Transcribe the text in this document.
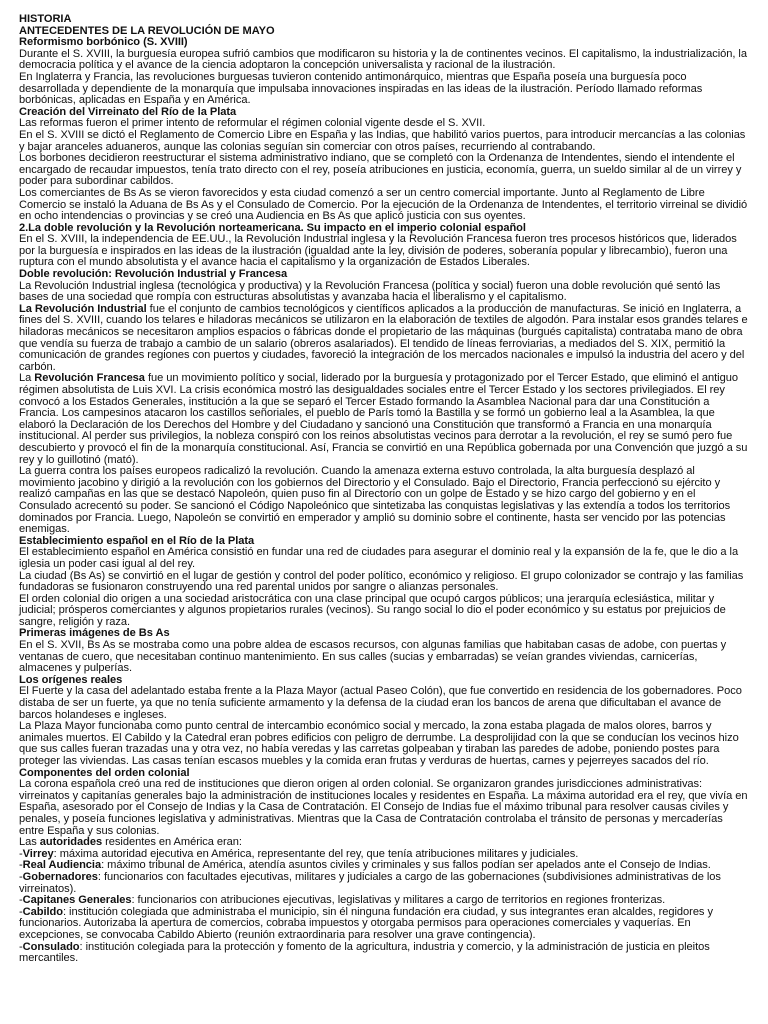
HISTORIA
ANTECEDENTES DE LA REVOLUCIÓN DE MAYO
Reformismo borbónico (S. XVIII)

Durante el S. XVIII, la burguesía europea sufrió cambios que modificaron su historia y la de continentes vecinos. El capitalismo, la industrialización, la democracia política y el avance de la ciencia adoptaron la concepción universalista y racional de la ilustración.

En Inglaterra y Francia, las revoluciones burguesas tuvieron contenido antimonárquico, mientras que España poseía una burguesía poco desarrollada y dependiente de la monarquía que impulsaba innovaciones inspiradas en las ideas de la ilustración. Período llamado reformas borbónicas, aplicadas en España y en América.

Creación del Virreinato del Río de la Plata

Las reformas fueron el primer intento de reformular el régimen colonial vigente desde el S. XVII.

En el S. XVIII se dictó el Reglamento de Comercio Libre en España y las Indias, que habilitó varios puertos, para introducir mercancías a las colonias y bajar aranceles aduaneros, aunque las colonias seguían sin comerciar con otros países, recurriendo al contrabando.

Los borbones decidieron reestructurar el sistema administrativo indiano, que se completó con la Ordenanza de Intendentes, siendo el intendente el encargado de recaudar impuestos, tenía trato directo con el rey, poseía atribuciones en justicia, economía, guerra, un sueldo similar al de un virrey y poder para subordinar cabildos.

Los comerciantes de Bs As se vieron favorecidos y esta ciudad comenzó a ser un centro comercial importante. Junto al Reglamento de Libre Comercio se instaló la Aduana de Bs As y el Consulado de Comercio. Por la ejecución de la Ordenanza de Intendentes, el territorio virreinal se dividió en ocho intendencias o provincias y se creó una Audiencia en Bs As que aplicó justicia con sus oyentes.

2.La doble revolución y la Revolución norteamericana. Su impacto en el imperio colonial español

En el S. XVIII, la independencia de EE.UU., la Revolución Industrial inglesa y la Revolución Francesa fueron tres procesos históricos que, liderados por la burguesía e inspirados en las ideas de la ilustración (igualdad ante la ley, división de poderes, soberanía popular y librecambio), fueron una ruptura con el mundo absolutista y el avance hacia el capitalismo y la organización de Estados Liberales.

Doble revolución: Revolución Industrial y Francesa

La Revolución Industrial inglesa (tecnológica y productiva) y la Revolución Francesa (política y social) fueron una doble revolución qué sentó las bases de una sociedad que rompía con estructuras absolutistas y avanzaba hacia el liberalismo y el capitalismo.

La Revolución Industrial fue el conjunto de cambios tecnológicos y científicos aplicados a la producción de manufacturas. Se inició en Inglaterra, a fines del S. XVIII, cuando los telares e hiladoras mecánicos se utilizaron en la elaboración de textiles de algodón. Para instalar esos grandes telares e hiladoras mecánicos se necesitaron amplios espacios o fábricas donde el propietario de las máquinas (burgués capitalista) contrataba mano de obra que vendía su fuerza de trabajo a cambio de un salario (obreros asalariados). El tendido de líneas ferroviarias, a mediados del S. XIX, permitió la comunicación de grandes regiones con puertos y ciudades, favoreció la integración de los mercados nacionales e impulsó la industria del acero y del carbón.

La Revolución Francesa fue un movimiento político y social, liderado por la burguesía y protagonizado por el Tercer Estado, que eliminó el antiguo régimen absolutista de Luis XVI. La crisis económica mostró las desigualdades sociales entre el Tercer Estado y los sectores privilegiados. El rey convocó a los Estados Generales, institución a la que se separó el Tercer Estado formando la Asamblea Nacional para dar una Constitución a Francia. Los campesinos atacaron los castillos señoriales, el pueblo de París tomó la Bastilla y se formó un gobierno leal a la Asamblea, la que elaboró la Declaración de los Derechos del Hombre y del Ciudadano y sancionó una Constitución que transformó a Francia en una monarquía institucional. Al perder sus privilegios, la nobleza conspiró con los reinos absolutistas vecinos para derrotar a la revolución, el rey se sumó pero fue descubierto y provocó el fin de la monarquía constitucional. Así, Francia se convirtió en una República gobernada por una Convención que juzgó a su rey y lo guillotinó (mató).

La guerra contra los países europeos radicalizó la revolución. Cuando la amenaza externa estuvo controlada, la alta burguesía desplazó al movimiento jacobino y dirigió a la revolución con los gobiernos del Directorio y el Consulado. Bajo el Directorio, Francia perfeccionó su ejército y realizó campañas en las que se destacó Napoleón, quien puso fin al Directorio con un golpe de Estado y se hizo cargo del gobierno y en el Consulado acrecentó su poder. Se sancionó el Código Napoleónico que sintetizaba las conquistas legislativas y las extendía a todos los territorios dominados por Francia. Luego, Napoleón se convirtió en emperador y amplió su dominio sobre el continente, hasta ser vencido por las potencias enemigas.

Establecimiento español en el Río de la Plata

El establecimiento español en América consistió en fundar una red de ciudades para asegurar el dominio real y la expansión de la fe, que le dio a la iglesia un poder casi igual al del rey.

La ciudad (Bs As) se convirtió en el lugar de gestión y control del poder político, económico y religioso. El grupo colonizador se contrajo y las familias fundadoras se fusionaron construyendo una red parental unidos por sangre o alianzas personales.

El orden colonial dio origen a una sociedad aristocrática con una clase principal que ocupó cargos públicos; una jerarquía eclesiástica, militar y judicial; prósperos comerciantes y algunos propietarios rurales (vecinos). Su rango social lo dio el poder económico y su estatus por prejuicios de sangre, religión y raza.

Primeras imágenes de Bs As

En el S. XVII, Bs As se mostraba como una pobre aldea de escasos recursos, con algunas familias que habitaban casas de adobe, con puertas y ventanas de cuero, que necesitaban continuo mantenimiento. En sus calles (sucias y embarradas) se veían grandes viviendas, carnicerías, almacenes y pulperías.

Los orígenes reales

El Fuerte y la casa del adelantado estaba frente a la Plaza Mayor (actual Paseo Colón), que fue convertido en residencia de los gobernadores. Poco distaba de ser un fuerte, ya que no tenía suficiente armamento y la defensa de la ciudad eran los bancos de arena que dificultaban el avance de barcos holandeses e ingleses.

La Plaza Mayor funcionaba como punto central de intercambio económico social y mercado, la zona estaba plagada de malos olores, barros y animales muertos. El Cabildo y la Catedral eran pobres edificios con peligro de derrumbe. La desprolijidad con la que se conducían los vecinos hizo que sus calles fueran trazadas una y otra vez, no había veredas y las carretas golpeaban y tiraban las paredes de adobe, poniendo postes para proteger las viviendas. Las casas tenían escasos muebles y la comida eran frutas y verduras de huertas, carnes y pejerreyes sacados del río.

Componentes del orden colonial

La corona española creó una red de instituciones que dieron origen al orden colonial. Se organizaron grandes jurisdicciones administrativas: virreinatos y capitanías generales bajo la administración de instituciones locales y residentes en España. La máxima autoridad era el rey, que vivía en España, asesorado por el Consejo de Indias y la Casa de Contratación. El Consejo de Indias fue el máximo tribunal para resolver causas civiles y penales, y poseía funciones legislativa y administrativas. Mientras que la Casa de Contratación controlaba el tránsito de personas y mercaderías entre España y sus colonias.

Las autoridades residentes en América eran:

-Virrey: máxima autoridad ejecutiva en América, representante del rey, que tenía atribuciones militares y judiciales.

-Real Audiencia: máximo tribunal de América, atendía asuntos civiles y criminales y sus fallos podían ser apelados ante el Consejo de Indias.

-Gobernadores: funcionarios con facultades ejecutivas, militares y judiciales a cargo de las gobernaciones (subdivisiones administrativas de los virreinatos).

-Capitanes Generales: funcionarios con atribuciones ejecutivas, legislativas y militares a cargo de territorios en regiones fronterizas.

-Cabildo: institución colegiada que administraba el municipio, sin él ninguna fundación era ciudad, y sus integrantes eran alcaldes, regidores y funcionarios. Autorizaba la apertura de comercios, cobraba impuestos y otorgaba permisos para operaciones comerciales y vaquerías. En excepciones, se convocaba Cabildo Abierto (reunión extraordinaria para resolver una grave contingencia).

-Consulado: institución colegiada para la protección y fomento de la agricultura, industria y comercio, y la administración de justicia en pleitos mercantiles.
